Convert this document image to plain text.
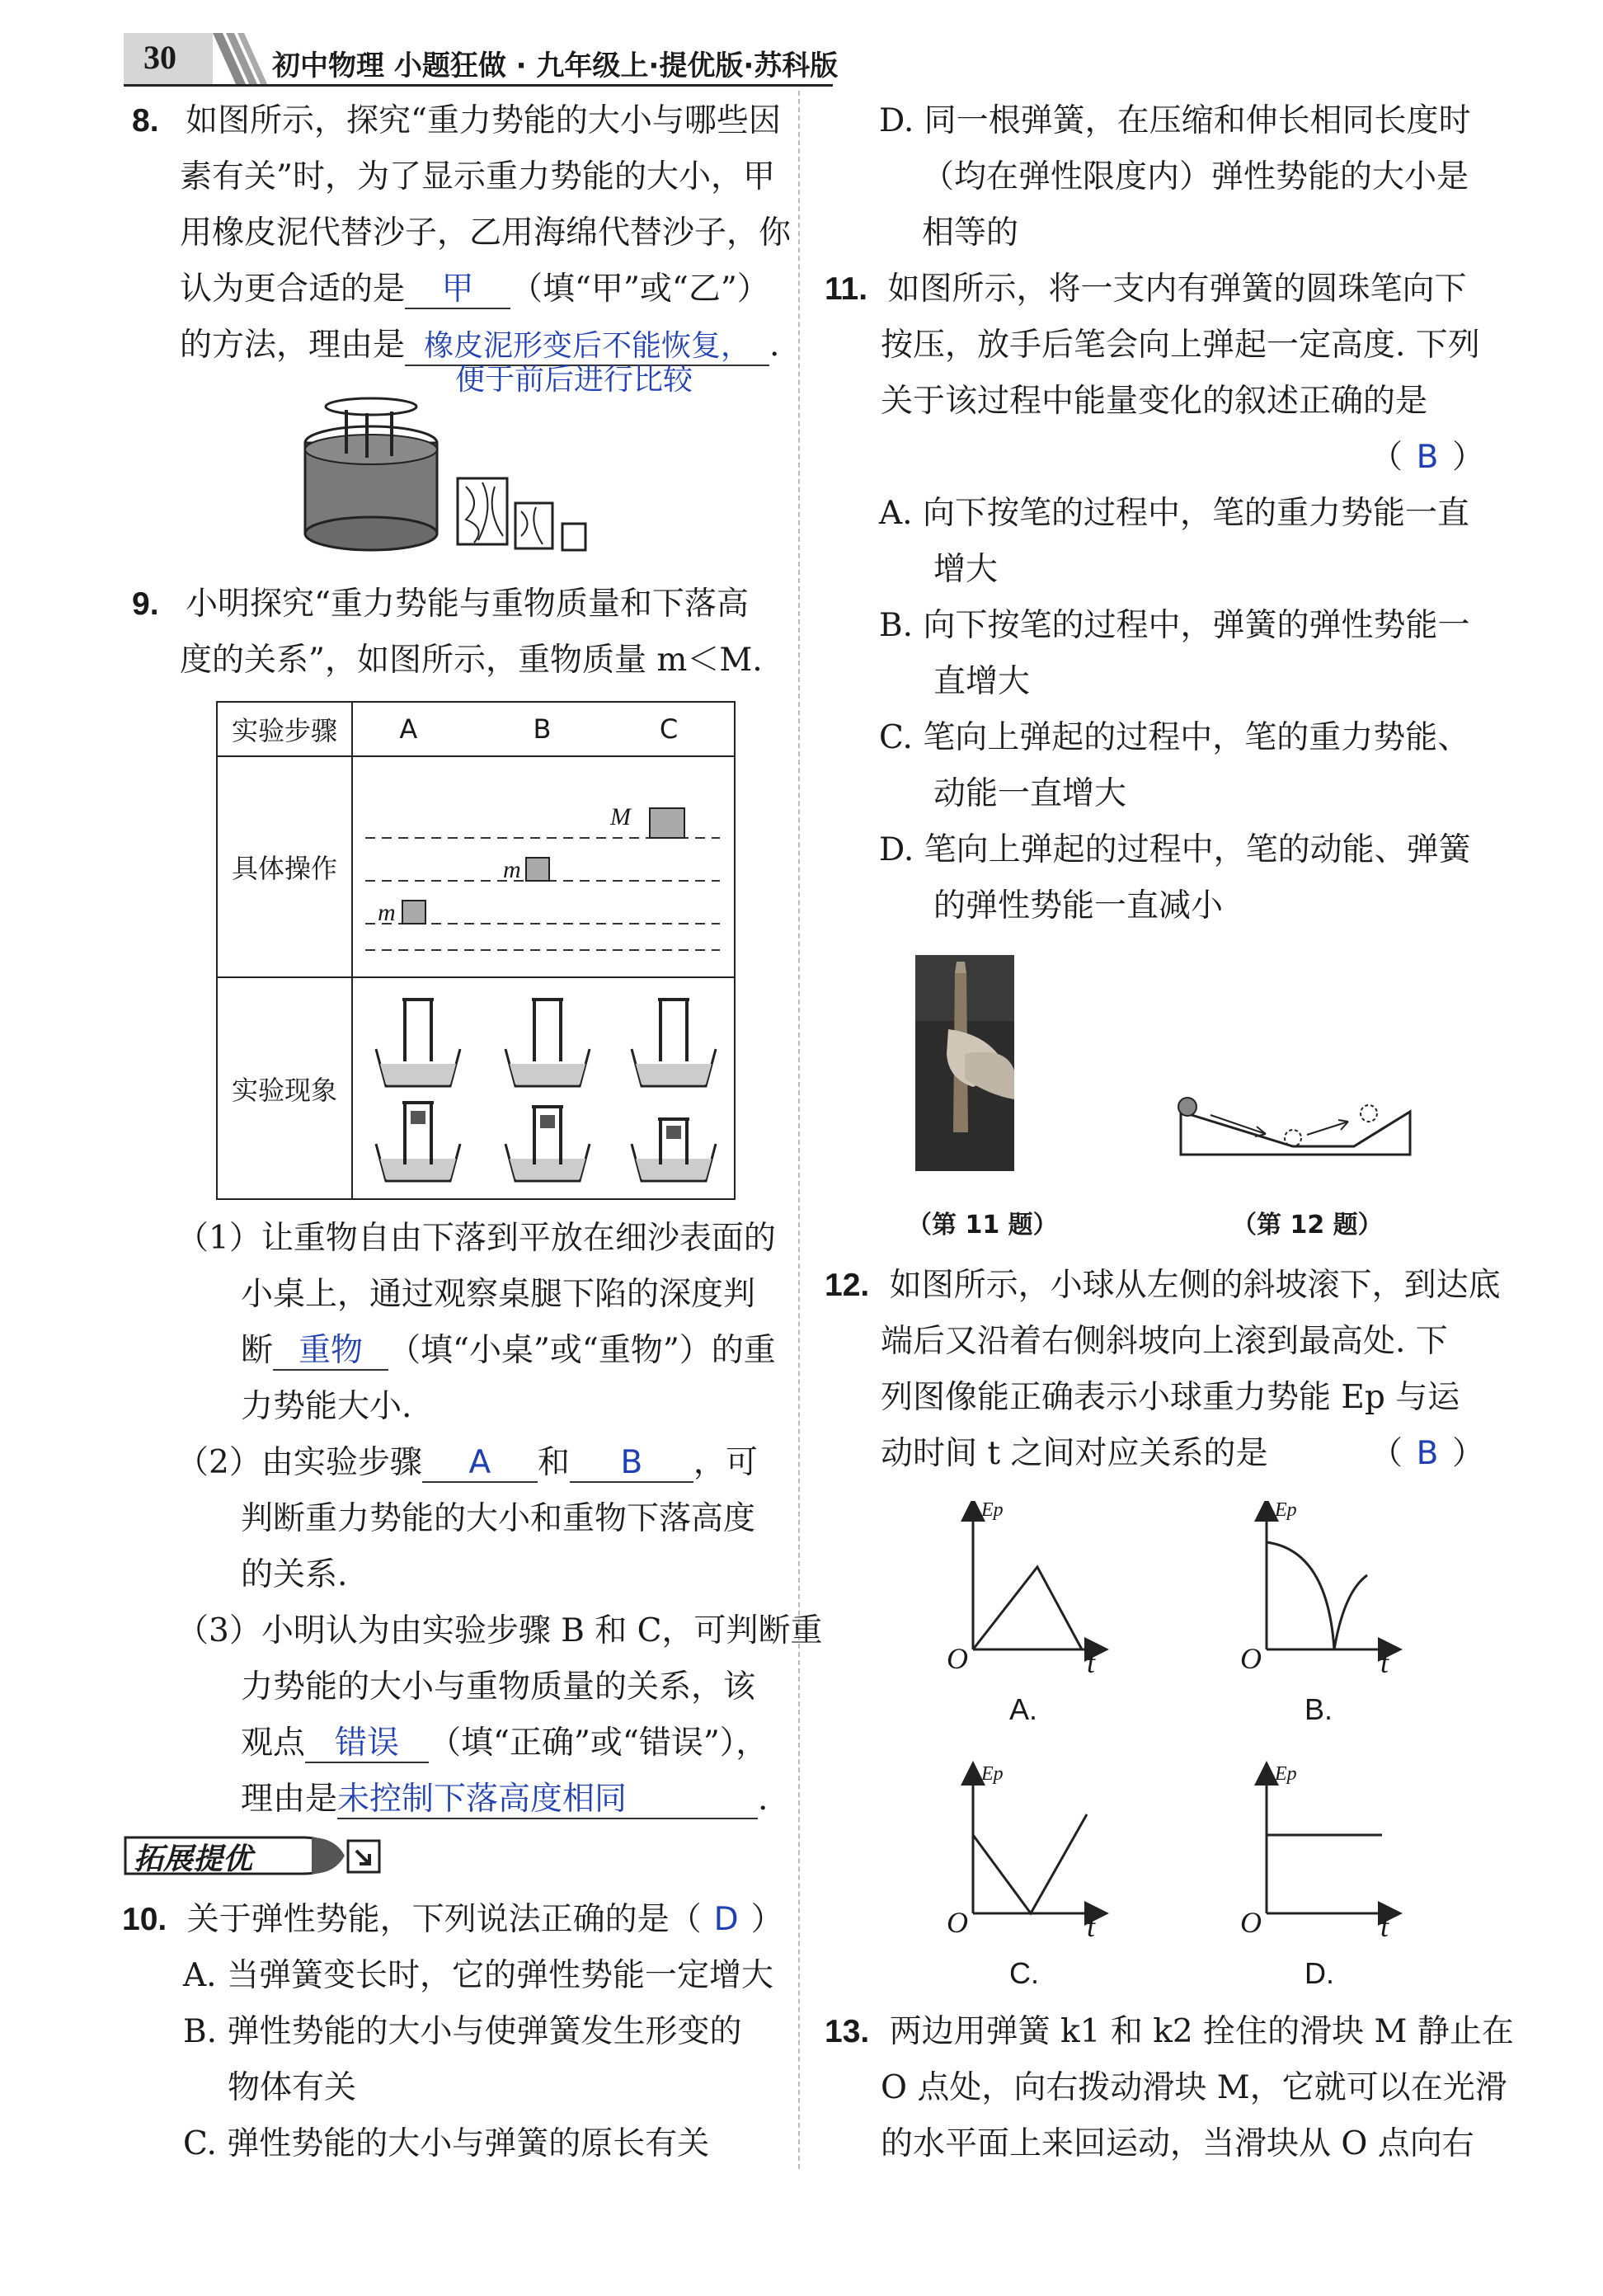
30	初中物理 小题狂做 · 九年级上·提优版·苏科版
8. 如图所示，探究“重力势能的大小与哪些因
素有关”时，为了显示重力势能的大小，甲
用橡皮泥代替沙子，乙用海绵代替沙子，你
认为更合适的是 甲 （填“甲”或“乙”）
的方法，理由是 橡皮泥形变后不能恢复， .
便于前后进行比较
9. 小明探究“重力势能与重物质量和下落高
度的关系”，如图所示，重物质量 m＜M.
实验步骤	A	B	C
具体操作	M
m
m		

实验现象	
（1）让重物自由下落到平放在细沙表面的
小桌上，通过观察桌腿下陷的深度判
断 重物 （填“小桌”或“重物”）的重
力势能大小.
（2）由实验步骤 A 和 B ，可
判断重力势能的大小和重物下落高度
的关系.
（3）小明认为由实验步骤 B 和 C，可判断重
力势能的大小与重物质量的关系，该
观点 错误 （填“正确”或“错误”），
理由是未控制下落高度相同	.
拓展提优
10. 关于弹性势能，下列说法正确的是（ D ）
A. 当弹簧变长时，它的弹性势能一定增大
B. 弹性势能的大小与使弹簧发生形变的
物体有关
C. 弹性势能的大小与弹簧的原长有关
D. 同一根弹簧，在压缩和伸长相同长度时
（均在弹性限度内）弹性势能的大小是
相等的
11. 如图所示，将一支内有弹簧的圆珠笔向下
按压，放手后笔会向上弹起一定高度. 下列
关于该过程中能量变化的叙述正确的是
（ B ）
A. 向下按笔的过程中，笔的重力势能一直
增大
B. 向下按笔的过程中，弹簧的弹性势能一
直增大
C. 笔向上弹起的过程中，笔的重力势能、
动能一直增大
D. 笔向上弹起的过程中，笔的动能、弹簧
的弹性势能一直减小
（第 11 题）	（第 12 题）
12. 如图所示，小球从左侧的斜坡滚下，到达底
端后又沿着右侧斜坡向上滚到最高处. 下
列图像能正确表示小球重力势能 Ep 与运
动时间 t 之间对应关系的是	（ B ）
Ep
O	t
A.
Ep
O	t
B.
Ep
O	t
C.
Ep
O	t
D.
13. 两边用弹簧 k1 和 k2 拴住的滑块 M 静止在
O 点处，向右拨动滑块 M，它就可以在光滑
的水平面上来回运动，当滑块从 O 点向右
